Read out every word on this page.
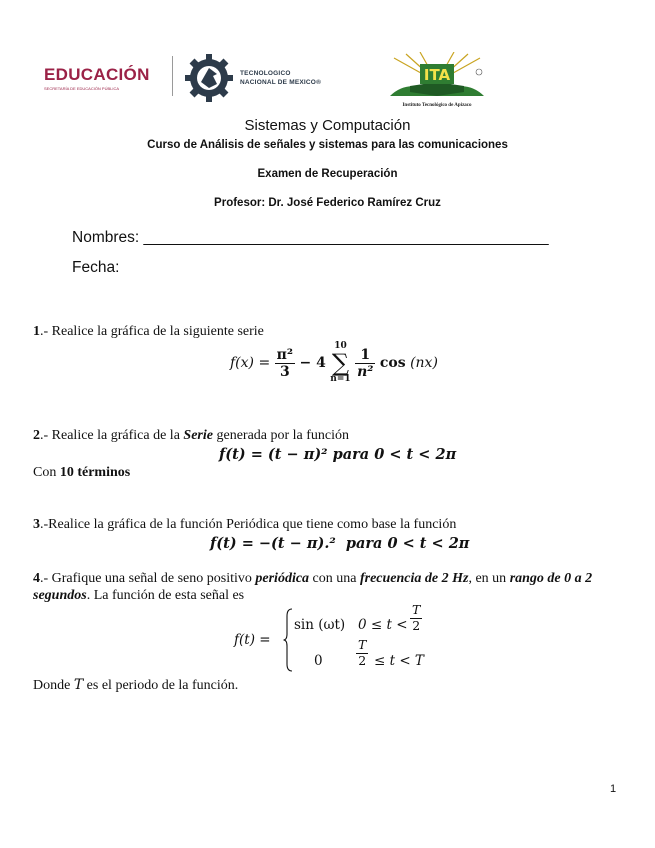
EDUCACIÓN
SECRETARÍA DE EDUCACIÓN PÚBLICA
TECNOLOGICO
NACIONAL DE MEXICO®	ITA
Instituto Tecnológico de Apizaco
Sistemas y Computación
Curso de Análisis de señales y sistemas para las comunicaciones
Examen de Recuperación
Profesor: Dr. José Federico Ramírez Cruz
Nombres: _______________________________________________
Fecha:
1.- Realice la gráfica de la siguiente serie
$f(x) = \frac{\text{π²}}{3} - 4$
10
∑
n=1

$\frac{1}{\text{n²}}$ cos (nx)
2.- Realice la gráfica de la Serie generada por la función
f(t) = (t − π)² para 0 < t < 2π
Con 10 términos
3.-Realice la gráfica de la función Periódica que tiene como base la función
f(t) = −(t − π).²  para 0 < t < 2π
4.- Grafique una señal de seno positivo periódica con una frecuencia de 2 Hz, en un rango de 0 a 2 segundos. La función de esta señal es
f(t) =
sin (ωt) $0 \le t < \frac{T}{2}$
0	$\frac{T}{2} \le t < T$
Donde T es el periodo de la función.
1
